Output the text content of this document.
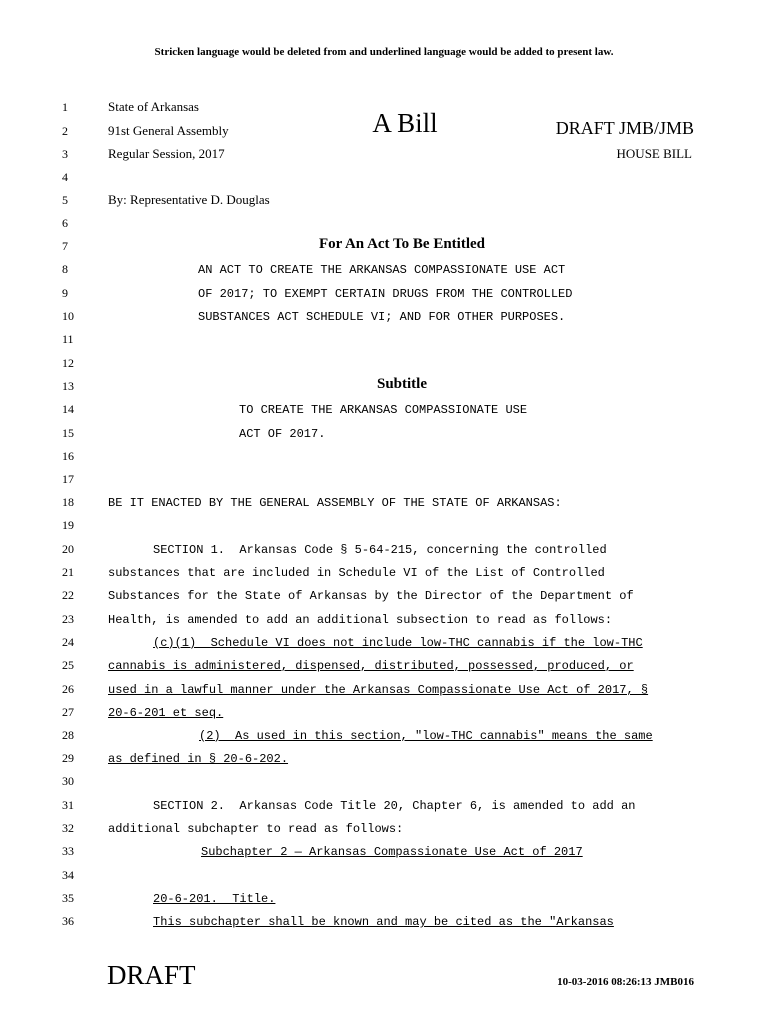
Stricken language would be deleted from and underlined language would be added to present law.
1
2
3
4
5
6
7
8
9
10
11
12
13
14
15
16
17
18
19
20
21
22
23
24
25
26
27
28
29
30
31
32
33
34
35
36
State of Arkansas
91st General Assembly
Regular Session, 2017
A Bill	DRAFT JMB/JMB
HOUSE BILL
By: Representative D. Douglas
For An Act To Be Entitled
AN ACT TO CREATE THE ARKANSAS COMPASSIONATE USE ACT
OF 2017; TO EXEMPT CERTAIN DRUGS FROM THE CONTROLLED
SUBSTANCES ACT SCHEDULE VI; AND FOR OTHER PURPOSES.
Subtitle
TO CREATE THE ARKANSAS COMPASSIONATE USE
ACT OF 2017.
BE IT ENACTED BY THE GENERAL ASSEMBLY OF THE STATE OF ARKANSAS:
SECTION 1.  Arkansas Code § 5-64-215, concerning the controlled
substances that are included in Schedule VI of the List of Controlled
Substances for the State of Arkansas by the Director of the Department of
Health, is amended to add an additional subsection to read as follows:
(c)(1)  Schedule VI does not include low-THC cannabis if the low-THC
cannabis is administered, dispensed, distributed, possessed, produced, or
used in a lawful manner under the Arkansas Compassionate Use Act of 2017, §
20-6-201 et seq.
(2)  As used in this section, "low-THC cannabis" means the same
as defined in § 20-6-202.
SECTION 2.  Arkansas Code Title 20, Chapter 6, is amended to add an
additional subchapter to read as follows:
Subchapter 2 — Arkansas Compassionate Use Act of 2017
20-6-201.  Title.
This subchapter shall be known and may be cited as the "Arkansas
DRAFT	10-03-2016 08:26:13 JMB016
